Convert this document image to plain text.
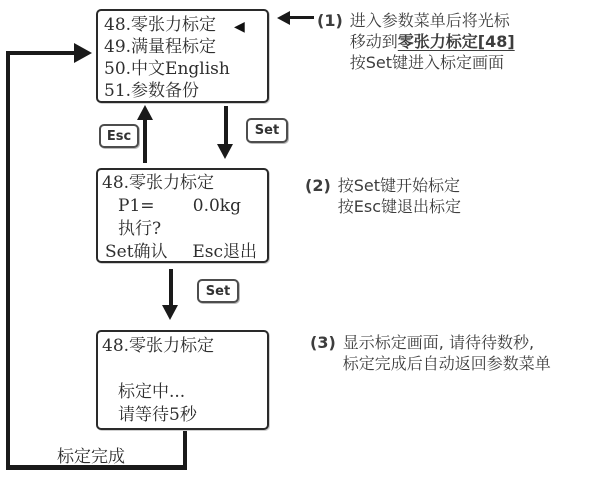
48.零张力标定 ◀
49.满量程标定
50.中文English
51.参数备份
(1) 进入参数菜单后将光标
移动到零张力标定[48]
按Set键进入标定画面
Esc	Set
48.零张力标定
P1= 0.0kg
执行?
Set确认 Esc退出
(2) 按Set键开始标定
按Esc键退出标定
Set
48.零张力标定

标定中...
请等待5秒
(3) 显示标定画面, 请待待数秒,
标定完成后自动返回参数菜单
标定完成
